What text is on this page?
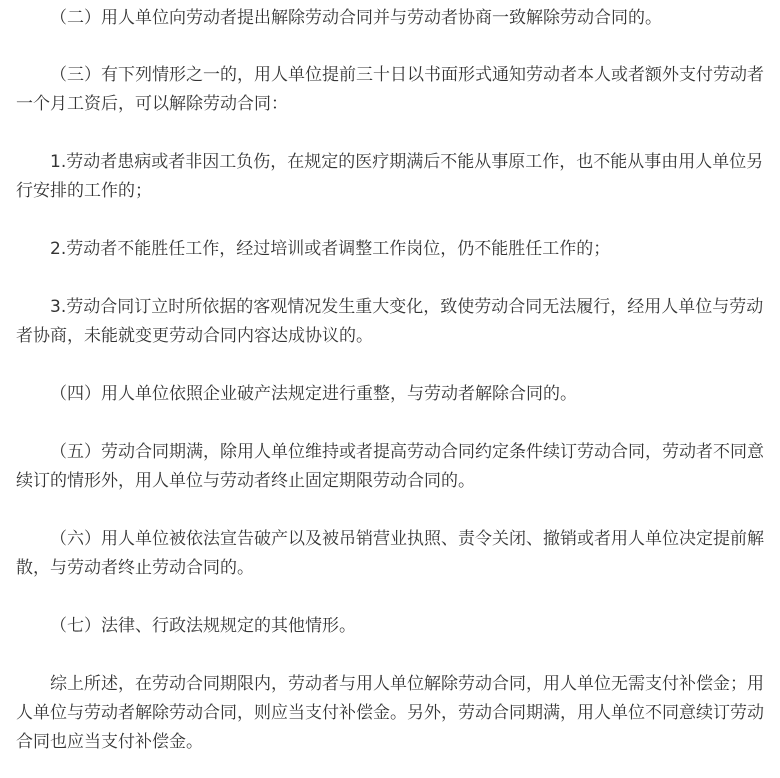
（二）用人单位向劳动者提出解除劳动合同并与劳动者协商一致解除劳动合同的。

（三）有下列情形之一的，用人单位提前三十日以书面形式通知劳动者本人或者额外支付劳动者一个月工资后，可以解除劳动合同：

1.劳动者患病或者非因工负伤，在规定的医疗期满后不能从事原工作，也不能从事由用人单位另行安排的工作的；

2.劳动者不能胜任工作，经过培训或者调整工作岗位，仍不能胜任工作的；

3.劳动合同订立时所依据的客观情况发生重大变化，致使劳动合同无法履行，经用人单位与劳动者协商，未能就变更劳动合同内容达成协议的。

（四）用人单位依照企业破产法规定进行重整，与劳动者解除合同的。

（五）劳动合同期满，除用人单位维持或者提高劳动合同约定条件续订劳动合同，劳动者不同意续订的情形外，用人单位与劳动者终止固定期限劳动合同的。

（六）用人单位被依法宣告破产以及被吊销营业执照、责令关闭、撤销或者用人单位决定提前解散，与劳动者终止劳动合同的。

（七）法律、行政法规规定的其他情形。

综上所述，在劳动合同期限内，劳动者与用人单位解除劳动合同，用人单位无需支付补偿金；用人单位与劳动者解除劳动合同，则应当支付补偿金。另外，劳动合同期满，用人单位不同意续订劳动合同也应当支付补偿金。
